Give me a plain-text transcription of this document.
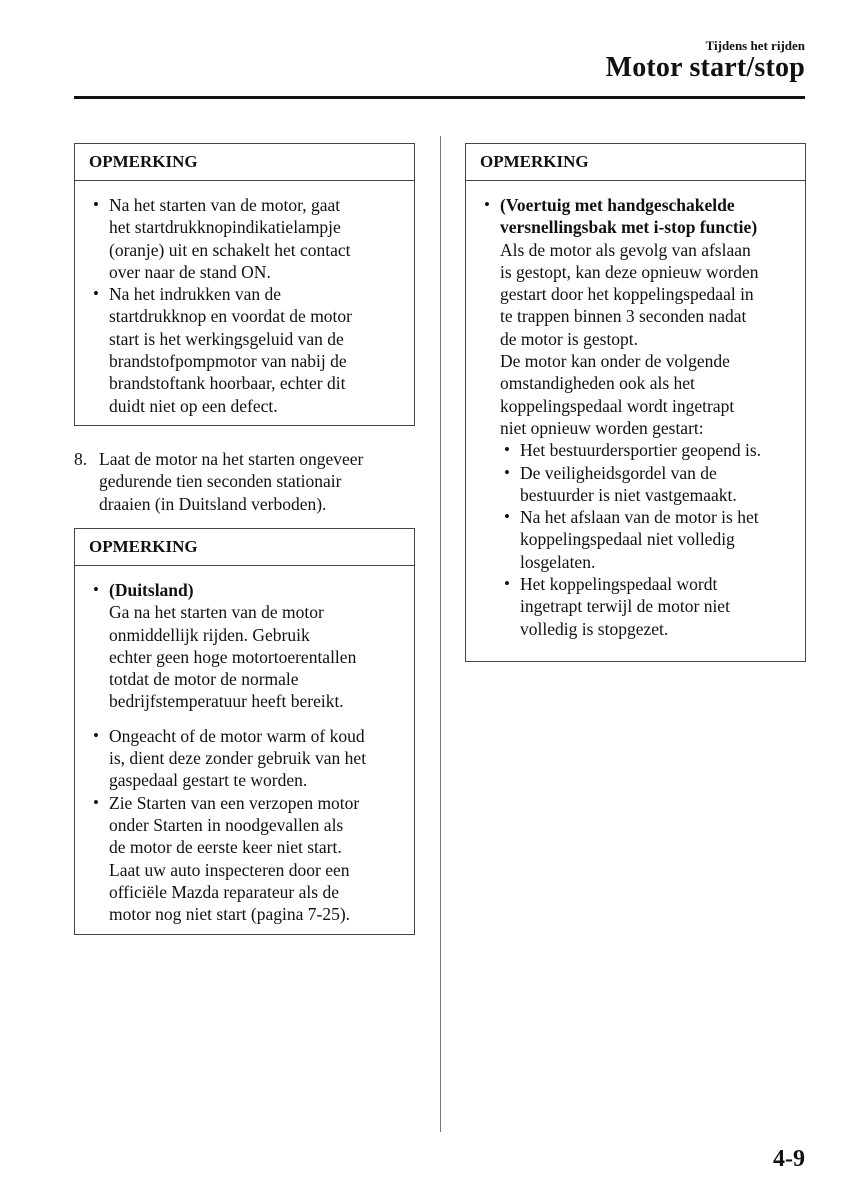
Tijdens het rijden
Motor start/stop
OPMERKING
• Na het starten van de motor, gaat
het startdrukknopindikatielampje
(oranje) uit en schakelt het contact
over naar de stand ON.
• Na het indrukken van de
startdrukknop en voordat de motor
start is het werkingsgeluid van de
brandstofpompmotor van nabij de
brandstoftank hoorbaar, echter dit
duidt niet op een defect.
8. Laat de motor na het starten ongeveer
gedurende tien seconden stationair
draaien (in Duitsland verboden).
OPMERKING
• (Duitsland)
Ga na het starten van de motor
onmiddellijk rijden. Gebruik
echter geen hoge motortoerentallen
totdat de motor de normale
bedrijfstemperatuur heeft bereikt.
• Ongeacht of de motor warm of koud
is, dient deze zonder gebruik van het
gaspedaal gestart te worden.
• Zie Starten van een verzopen motor
onder Starten in noodgevallen als
de motor de eerste keer niet start.
Laat uw auto inspecteren door een
officiële Mazda reparateur als de
motor nog niet start (pagina 7-25).
OPMERKING
• (Voertuig met handgeschakelde
versnellingsbak met i-stop functie)
Als de motor als gevolg van afslaan
is gestopt, kan deze opnieuw worden
gestart door het koppelingspedaal in
te trappen binnen 3 seconden nadat
de motor is gestopt.
De motor kan onder de volgende
omstandigheden ook als het
koppelingspedaal wordt ingetrapt
niet opnieuw worden gestart:
• Het bestuurdersportier geopend is.
• De veiligheidsgordel van de
bestuurder is niet vastgemaakt.
• Na het afslaan van de motor is het
koppelingspedaal niet volledig
losgelaten.
• Het koppelingspedaal wordt
ingetrapt terwijl de motor niet
volledig is stopgezet.
4-9
